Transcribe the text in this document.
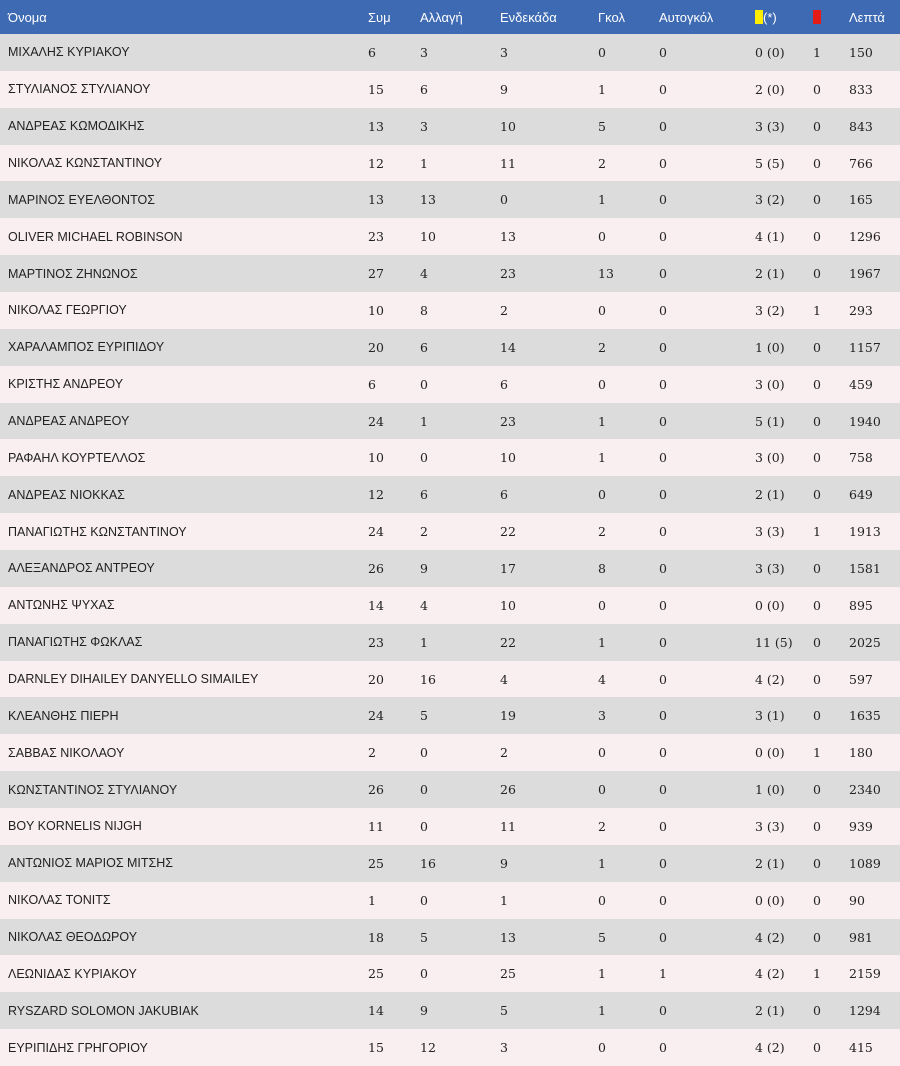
Όνομα	Συμ	Αλλαγή	Ενδεκάδα	Γκολ	Αυτογκόλ	(*)		Λεπτά
ΜΙΧΑΛΗΣ ΚΥΡΙΑΚΟΥ	6	3	3	0	0	0 (0)	1	150
ΣΤΥΛΙΑΝΟΣ ΣΤΥΛΙΑΝΟΥ	15	6	9	1	0	2 (0)	0	833
ΑΝΔΡΕΑΣ ΚΩΜΟΔΙΚΗΣ	13	3	10	5	0	3 (3)	0	843
ΝΙΚΟΛΑΣ ΚΩΝΣΤΑΝΤΙΝΟΥ	12	1	11	2	0	5 (5)	0	766
ΜΑΡΙΝΟΣ ΕΥΕΛΘΟΝΤΟΣ	13	13	0	1	0	3 (2)	0	165
OLIVER MICHAEL ROBINSON	23	10	13	0	0	4 (1)	0	1296
ΜΑΡΤΙΝΟΣ ΖΗΝΩΝΟΣ	27	4	23	13	0	2 (1)	0	1967
ΝΙΚΟΛΑΣ ΓΕΩΡΓΙΟΥ	10	8	2	0	0	3 (2)	1	293
ΧΑΡΑΛΑΜΠΟΣ ΕΥΡΙΠΙΔΟΥ	20	6	14	2	0	1 (0)	0	1157
ΚΡΙΣΤΗΣ ΑΝΔΡΕΟΥ	6	0	6	0	0	3 (0)	0	459
ΑΝΔΡΕΑΣ ΑΝΔΡΕΟΥ	24	1	23	1	0	5 (1)	0	1940
ΡΑΦΑΗΛ ΚΟΥΡΤΕΛΛΟΣ	10	0	10	1	0	3 (0)	0	758
ΑΝΔΡΕΑΣ ΝΙΟΚΚΑΣ	12	6	6	0	0	2 (1)	0	649
ΠΑΝΑΓΙΩΤΗΣ ΚΩΝΣΤΑΝΤΙΝΟΥ	24	2	22	2	0	3 (3)	1	1913
ΑΛΕΞΑΝΔΡΟΣ ΑΝΤΡΕΟΥ	26	9	17	8	0	3 (3)	0	1581
ΑΝΤΩΝΗΣ ΨΥΧΑΣ	14	4	10	0	0	0 (0)	0	895
ΠΑΝΑΓΙΩΤΗΣ ΦΩΚΛΑΣ	23	1	22	1	0	11 (5)	0	2025
DARNLEY DIHAILEY DANYELLO SIMAILEY	20	16	4	4	0	4 (2)	0	597
ΚΛΕΑΝΘΗΣ ΠΙΕΡΗ	24	5	19	3	0	3 (1)	0	1635
ΣΑΒΒΑΣ ΝΙΚΟΛΑΟΥ	2	0	2	0	0	0 (0)	1	180
ΚΩΝΣΤΑΝΤΙΝΟΣ ΣΤΥΛΙΑΝΟΥ	26	0	26	0	0	1 (0)	0	2340
BOY KORNELIS NIJGH	11	0	11	2	0	3 (3)	0	939
ΑΝΤΩΝΙΟΣ ΜΑΡΙΟΣ ΜΙΤΣΗΣ	25	16	9	1	0	2 (1)	0	1089
ΝΙΚΟΛΑΣ ΤΟΝΙΤΣ	1	0	1	0	0	0 (0)	0	90
ΝΙΚΟΛΑΣ ΘΕΟΔΩΡΟΥ	18	5	13	5	0	4 (2)	0	981
ΛΕΩΝΙΔΑΣ ΚΥΡΙΑΚΟΥ	25	0	25	1	1	4 (2)	1	2159
RYSZARD SOLOMON JAKUBIAK	14	9	5	1	0	2 (1)	0	1294
ΕΥΡΙΠΙΔΗΣ ΓΡΗΓΟΡΙΟΥ	15	12	3	0	0	4 (2)	0	415
